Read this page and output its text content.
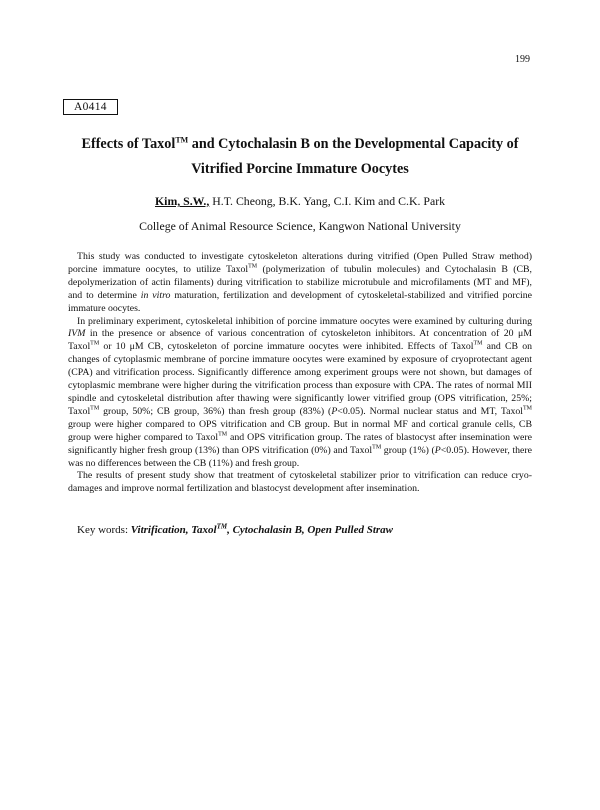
199
A0414
Effects of Taxol™ and Cytochalasin B on the Developmental Capacity of
Vitrified Porcine Immature Oocytes
Kim, S.W., H.T. Cheong, B.K. Yang, C.I. Kim and C.K. Park
College of Animal Resource Science, Kangwon National University

This study was conducted to investigate cytoskeleton alterations during vitrified (Open Pulled Straw method) porcine immature oocytes, to utilize Taxol™ (polymerization of tubulin molecules) and Cytochalasin B (CB, depolymerization of actin filaments) during vitrification to stabilize microtubule and microfilaments (MT and MF), and to determine in vitro maturation, fertilization and development of cytoskeletal-stabilized and vitrified porcine immature oocytes.

In preliminary experiment, cytoskeletal inhibition of porcine immature oocytes were examined by culturing during IVM in the presence or absence of various concentration of cytoskeleton inhibitors. At concentration of 20 μM Taxol™ or 10 μM CB, cytoskeleton of porcine immature oocytes were inhibited. Effects of Taxol™ and CB on changes of cytoplasmic membrane of porcine immature oocytes were examined by exposure of cryoprotectant agent (CPA) and vitrification process. Significantly difference among experiment groups were not shown, but damages of cytoplasmic membrane were higher during the vitrification process than exposure with CPA. The rates of normal MII spindle and cytoskeletal distribution after thawing were significantly lower vitrified group (OPS vitrification, 25%; Taxol™ group, 50%; CB group, 36%) than fresh group (83%) (P<0.05). Normal nuclear status and MT, Taxol™ group were higher compared to OPS vitrification and CB group. But in normal MF and cortical granule cells, CB group were higher compared to Taxol™ and OPS vitrification group. The rates of blastocyst after insemination were significantly higher fresh group (13%) than OPS vitrification (0%) and Taxol™ group (1%) (P<0.05). However, there was no differences between the CB (11%) and fresh group.

The results of present study show that treatment of cytoskeletal stabilizer prior to vitrification can reduce cryo-damages and improve normal fertilization and blastocyst development after insemination.

Key words: Vitrification, Taxol™, Cytochalasin B, Open Pulled Straw
